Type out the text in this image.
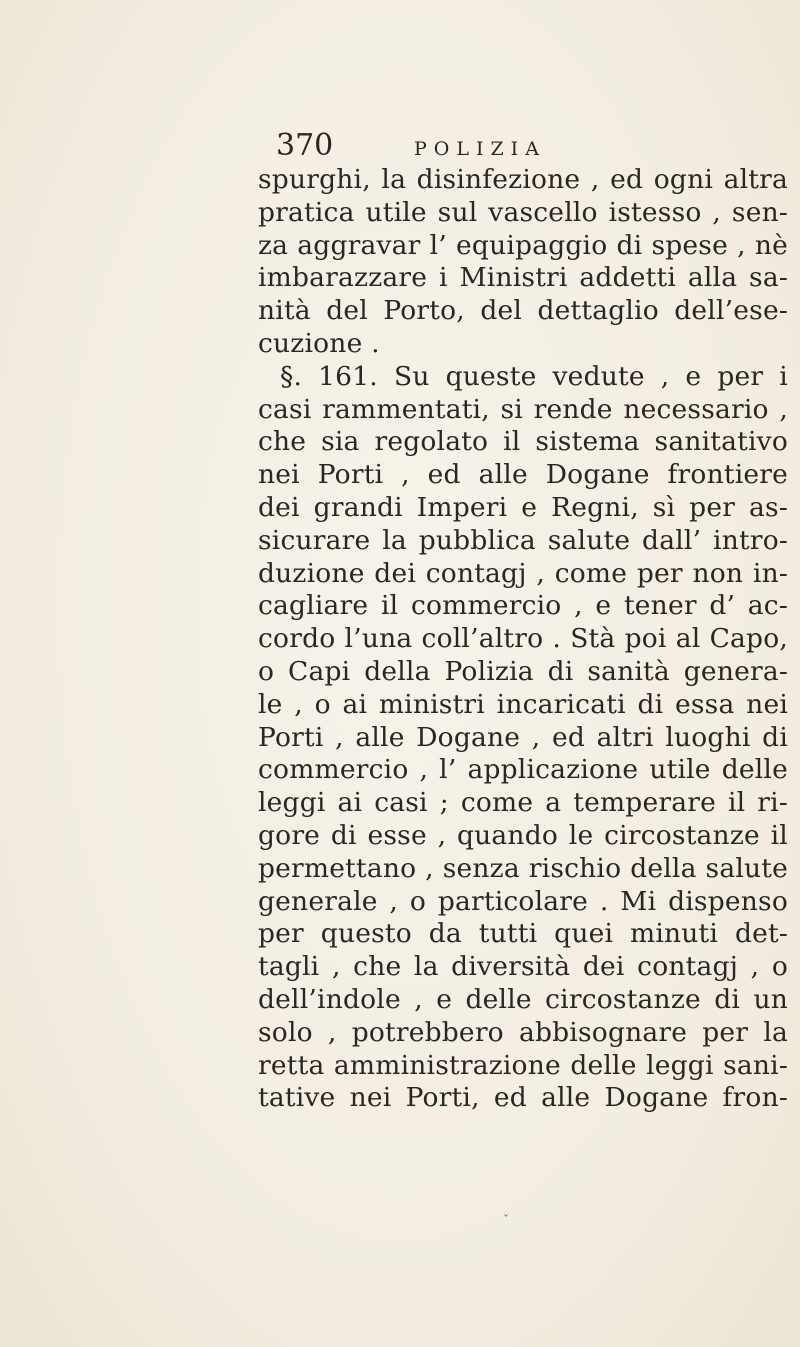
370	POLIZIA
spurghi, la disinfezione , ed ogni altra
pratica utile sul vascello istesso , sen-
za aggravar l’ equipaggio di spese , nè
imbarazzare i Ministri addetti alla sa-
nità del Porto, del dettaglio dell’ese-
cuzione .
§. 161. Su queste vedute , e per i
casi rammentati, si rende necessario ,
che sia regolato il sistema sanitativo
nei Porti , ed alle Dogane frontiere
dei grandi Imperi e Regni, sì per as-
sicurare la pubblica salute dall’ intro-
duzione dei contagj , come per non in-
cagliare il commercio , e tener d’ ac-
cordo l’una coll’altro . Stà poi al Capo,
o Capi della Polizia di sanità genera-
le , o ai ministri incaricati di essa nei
Porti , alle Dogane , ed altri luoghi di
commercio , l’ applicazione utile delle
leggi ai casi ; come a temperare il ri-
gore di esse , quando le circostanze il
permettano , senza rischio della salute
generale , o particolare . Mi dispenso
per questo da tutti quei minuti det-
tagli , che la diversità dei contagj , o
dell’indole , e delle circostanze di un
solo , potrebbero abbisognare per la
retta amministrazione delle leggi sani-
tative nei Porti, ed alle Dogane fron-
ˇ
